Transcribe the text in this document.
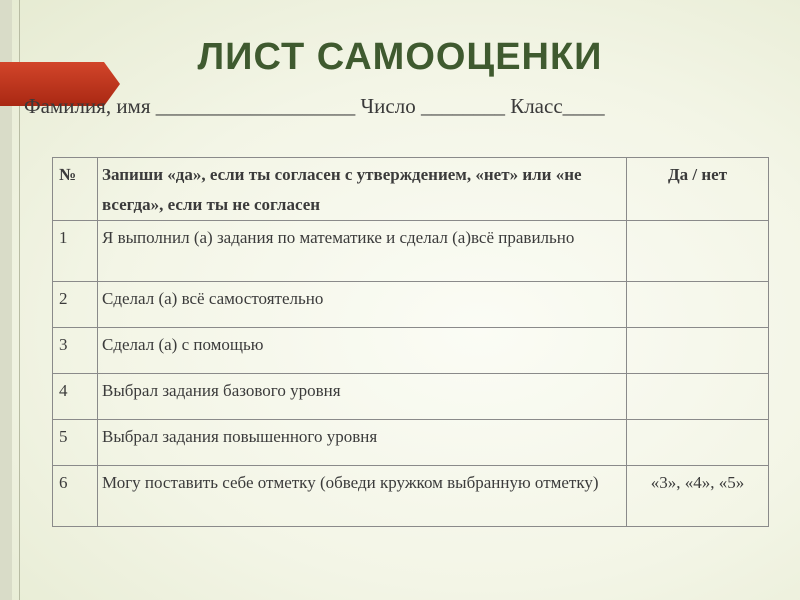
ЛИСТ САМООЦЕНКИ
Фамилия, имя ___________________ Число ________ Класс____
№	Запиши «да», если ты согласен с утверждением, «нет» или «не всегда», если ты не согласен	Да / нет
1	Я выполнил (а) задания по математике и сделал (а)всё правильно	
2	Сделал (а) всё самостоятельно	
3	Сделал (а) с помощью	
4	Выбрал задания базового уровня	
5	Выбрал задания повышенного уровня	
6	Могу поставить себе отметку (обведи кружком выбранную отметку)	«3», «4», «5»
